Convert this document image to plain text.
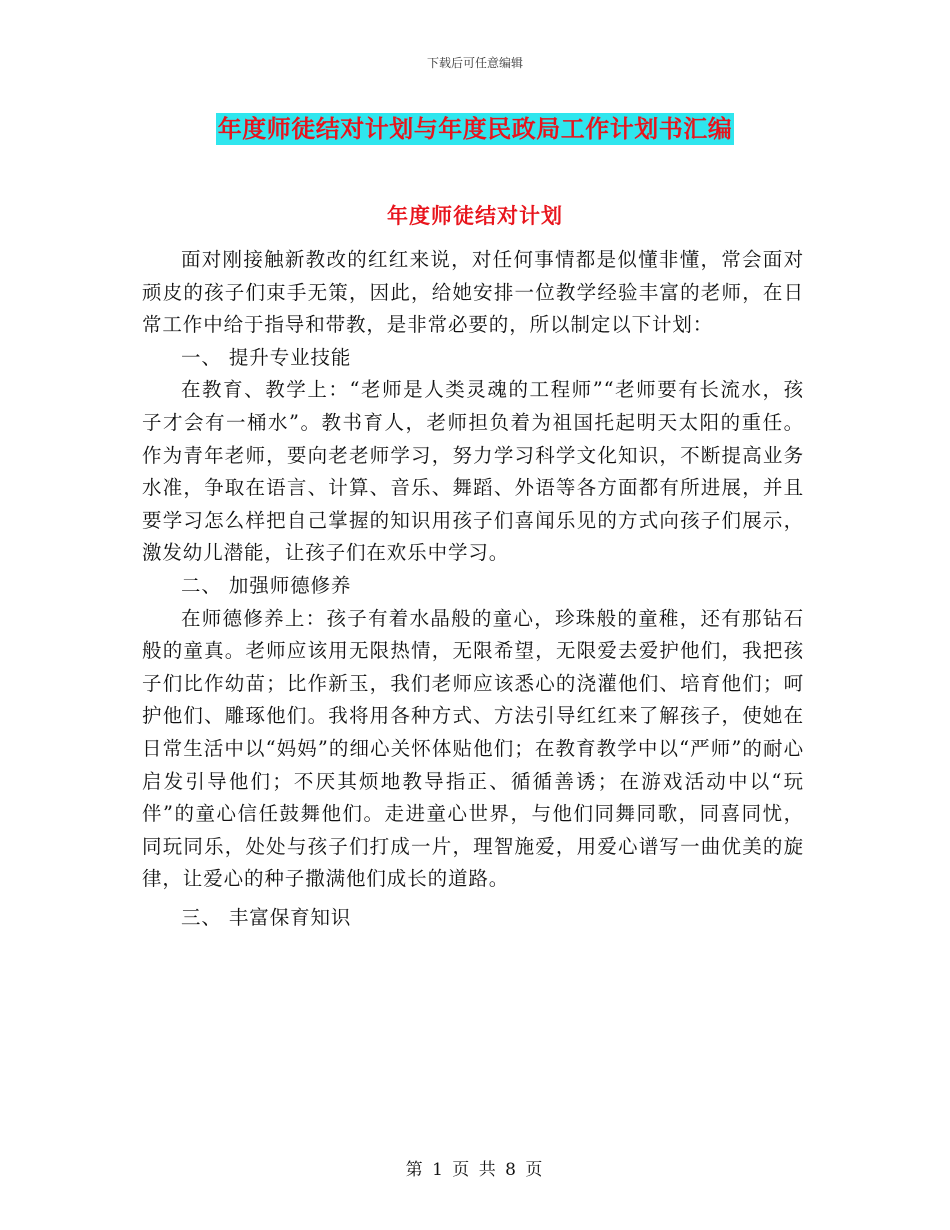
下载后可任意编辑
年度师徒结对计划与年度民政局工作计划书汇编
年度师徒结对计划

面对刚接触新教改的红红来说，对任何事情都是似懂非懂，常会面对顽皮的孩子们束手无策，因此，给她安排一位教学经验丰富的老师，在日常工作中给于指导和带教，是非常必要的，所以制定以下计划：

一、 提升专业技能

在教育、教学上：“老师是人类灵魂的工程师”“老师要有长流水，孩子才会有一桶水”。教书育人，老师担负着为祖国托起明天太阳的重任。作为青年老师，要向老老师学习，努力学习科学文化知识，不断提高业务水准，争取在语言、计算、音乐、舞蹈、外语等各方面都有所进展，并且要学习怎么样把自己掌握的知识用孩子们喜闻乐见的方式向孩子们展示，激发幼儿潜能，让孩子们在欢乐中学习。

二、 加强师德修养

在师德修养上：孩子有着水晶般的童心，珍珠般的童稚，还有那钻石般的童真。老师应该用无限热情，无限希望，无限爱去爱护他们，我把孩子们比作幼苗；比作新玉，我们老师应该悉心的浇灌他们、培育他们；呵护他们、雕琢他们。我将用各种方式、方法引导红红来了解孩子，使她在日常生活中以“妈妈”的细心关怀体贴他们；在教育教学中以“严师”的耐心启发引导他们；不厌其烦地教导指正、循循善诱；在游戏活动中以“玩伴”的童心信任鼓舞他们。走进童心世界，与他们同舞同歌，同喜同忧，同玩同乐，处处与孩子们打成一片，理智施爱，用爱心谱写一曲优美的旋律，让爱心的种子撒满他们成长的道路。

三、 丰富保育知识

第 1 页 共 8 页
